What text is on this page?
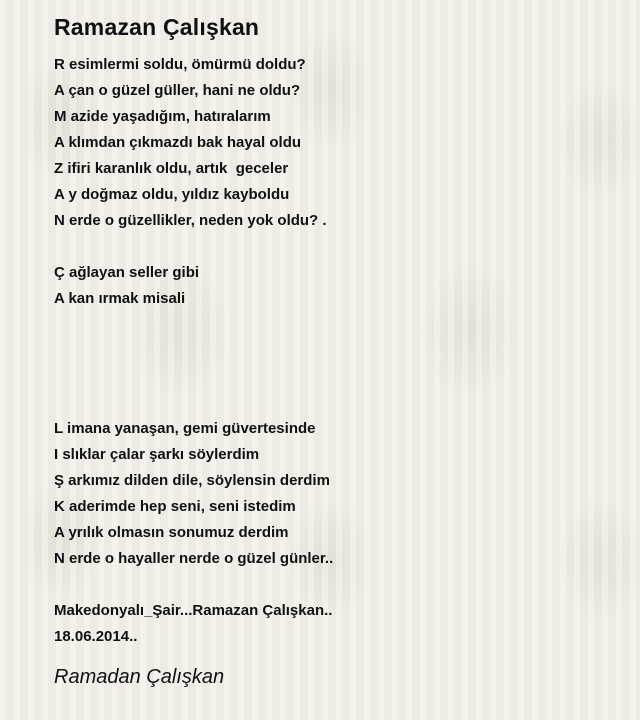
Ramazan Çalışkan
R esimlermi soldu, ömürmü doldu?
A çan o güzel güller, hani ne oldu?
M azide yaşadığım, hatıralarım
A klımdan çıkmazdı bak hayal oldu
Z ifiri karanlık oldu, artık  geceler
A y doğmaz oldu, yıldız kayboldu
N erde o güzellikler, neden yok oldu? .
Ç ağlayan seller gibi
A kan ırmak misali
L imana yanaşan, gemi güvertesinde
I slıklar çalar şarkı söylerdim
Ş arkımız dilden dile, söylensin derdim
K aderimde hep seni, seni istedim
A yrılık olmasın sonumuz derdim
N erde o hayaller nerde o güzel günler..
Makedonyalı_Şair...Ramazan Çalışkan..
18.06.2014..
Ramadan Çalışkan
